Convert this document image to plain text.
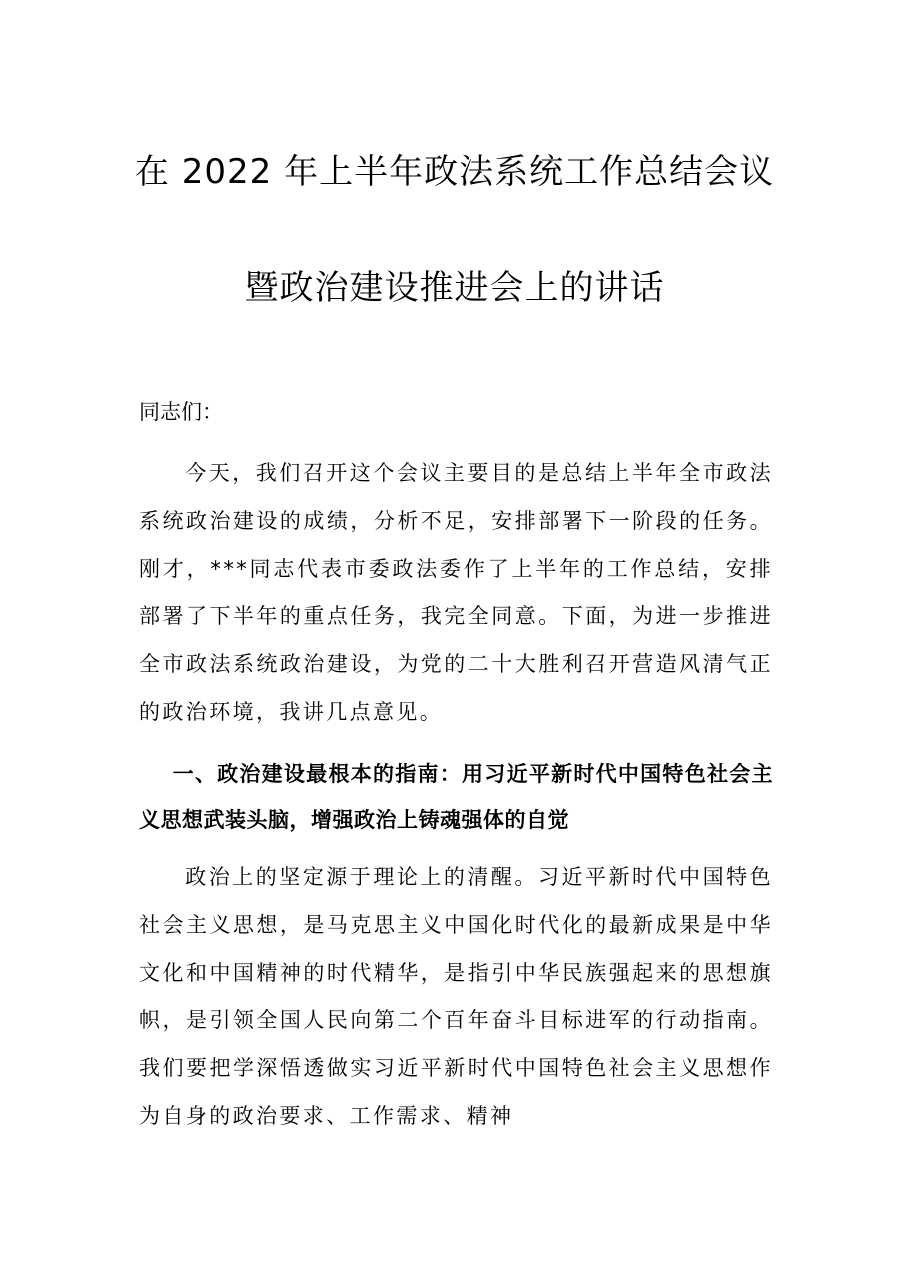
在 2022 年上半年政法系统工作总结会议
暨政治建设推进会上的讲话

同志们：

今天，我们召开这个会议主要目的是总结上半年全市政法系统政治建设的成绩，分析不足，安排部署下一阶段的任务。刚才，***同志代表市委政法委作了上半年的工作总结，安排部署了下半年的重点任务，我完全同意。下面，为进一步推进全市政法系统政治建设，为党的二十大胜利召开营造风清气正的政治环境，我讲几点意见。

一、政治建设最根本的指南：用习近平新时代中国特色社会主义思想武装头脑，增强政治上铸魂强体的自觉

政治上的坚定源于理论上的清醒。习近平新时代中国特色社会主义思想，是马克思主义中国化时代化的最新成果是中华文化和中国精神的时代精华，是指引中华民族强起来的思想旗帜，是引领全国人民向第二个百年奋斗目标进军的行动指南。我们要把学深悟透做实习近平新时代中国特色社会主义思想作为自身的政治要求、工作需求、精神
